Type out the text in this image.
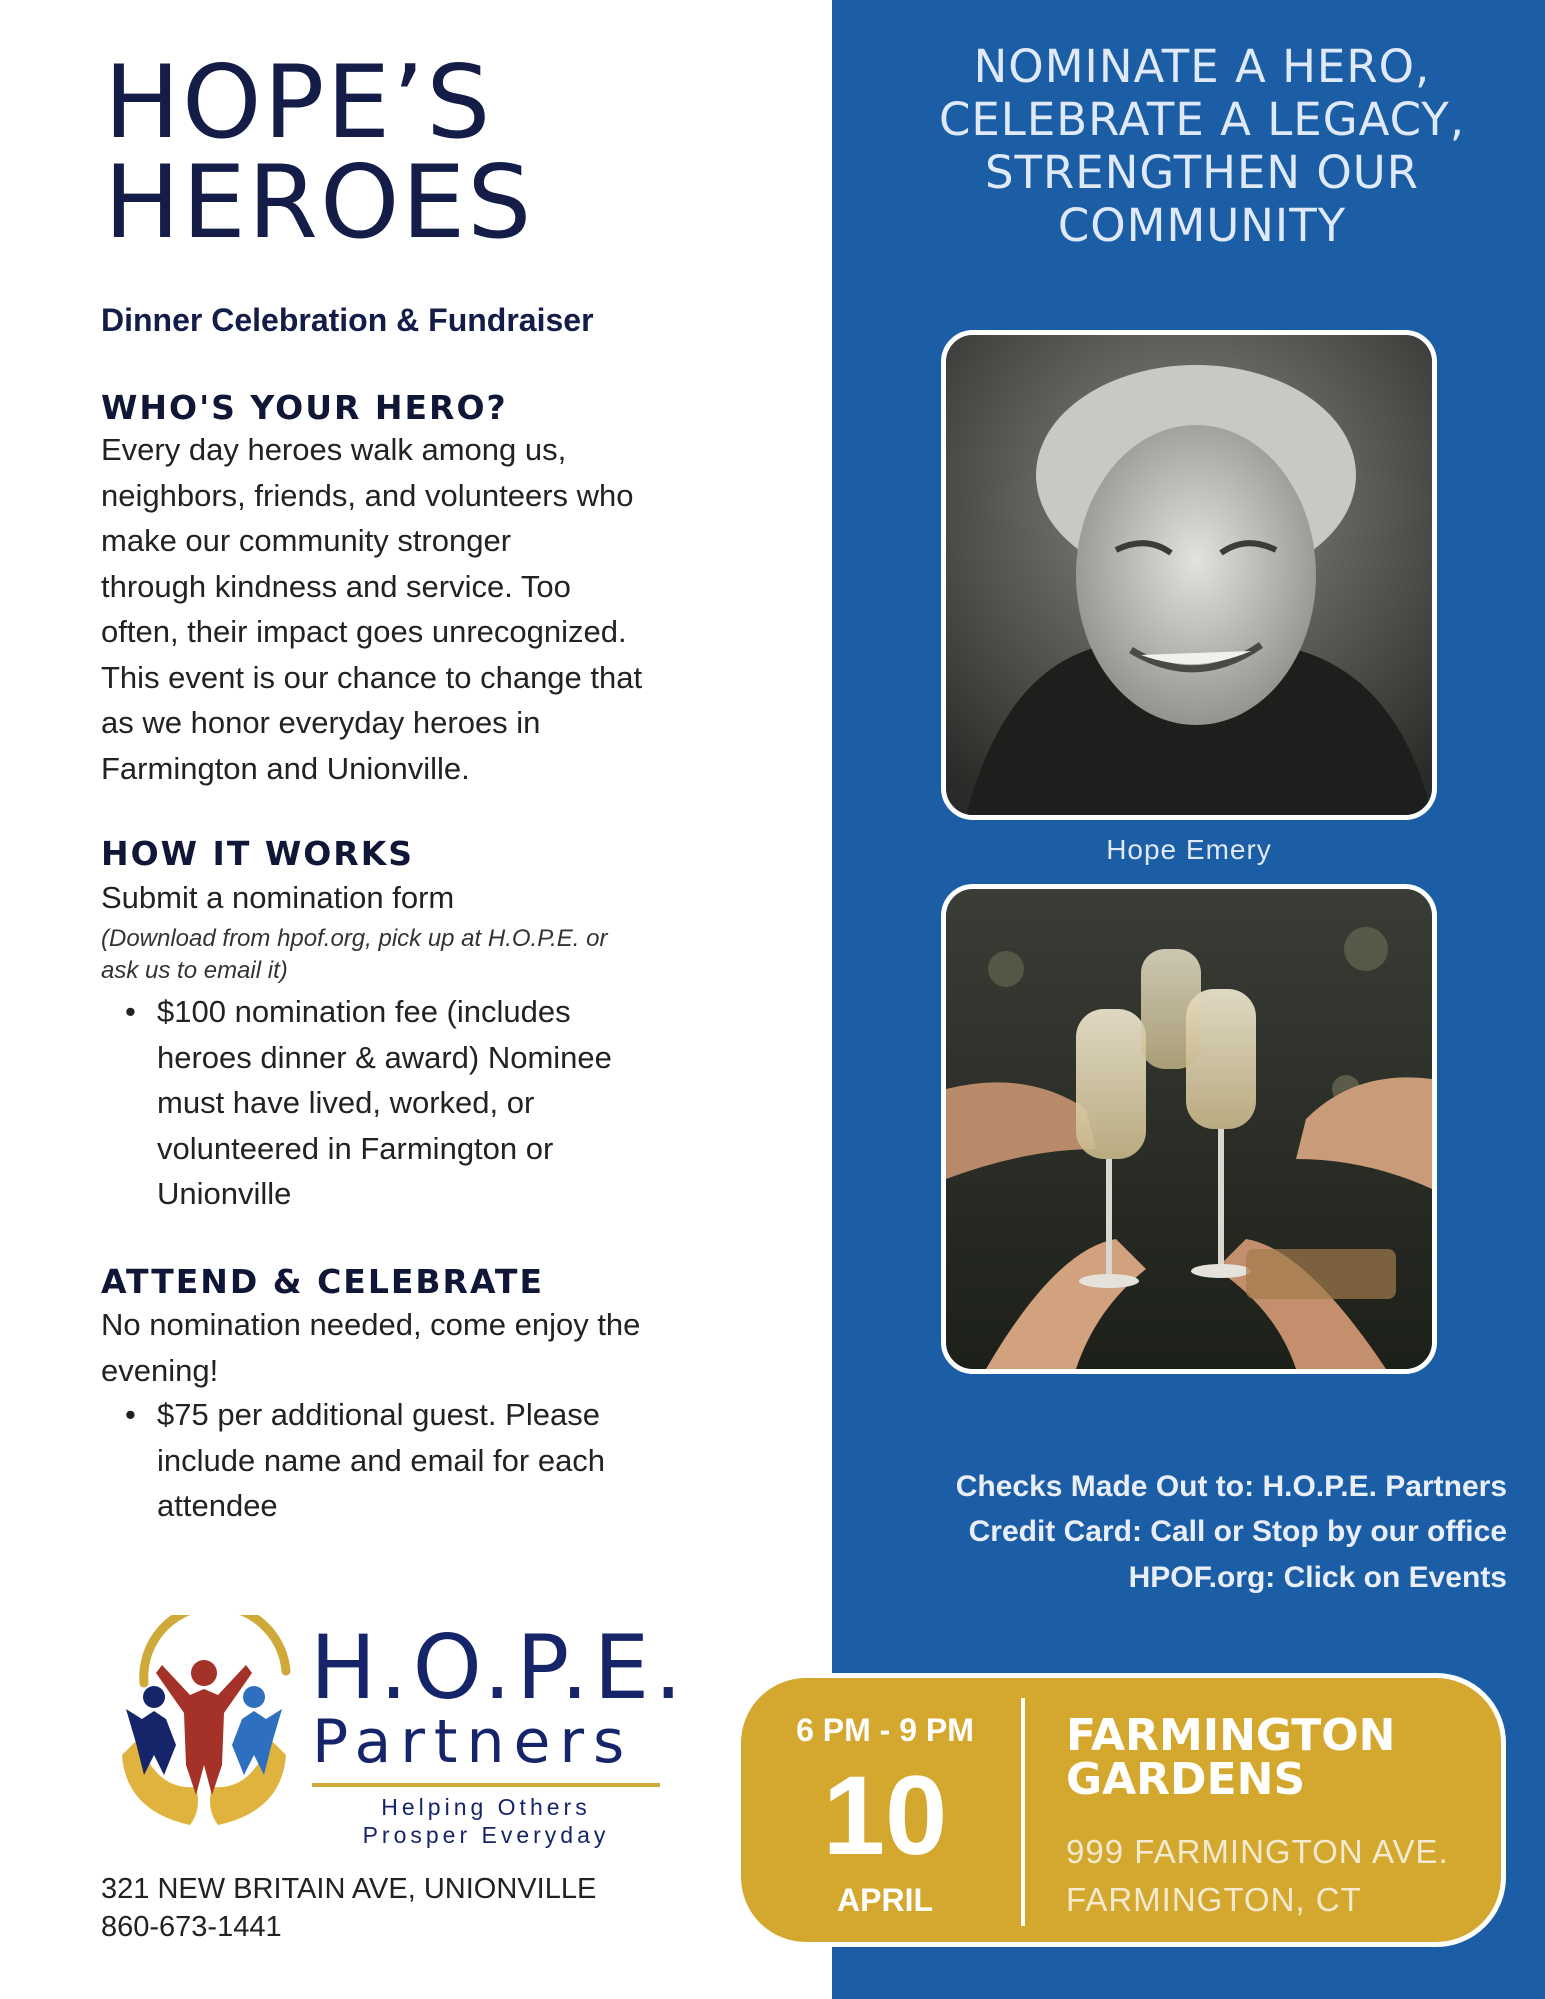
HOPE’S
HEROES

Dinner Celebration & Fundraiser

WHO'S YOUR HERO?

Every day heroes walk among us,
neighbors, friends, and volunteers who
make our community stronger
through kindness and service. Too
often, their impact goes unrecognized.
This event is our chance to change that
as we honor everyday heroes in
Farmington and Unionville.

HOW IT WORKS

Submit a nomination form

(Download from hpof.org, pick up at H.O.P.E. or
ask us to email it)

• $100 nomination fee (includes
heroes dinner & award) Nominee
must have lived, worked, or
volunteered in Farmington or
Unionville

ATTEND & CELEBRATE

No nomination needed, come enjoy the
evening!

• $75 per additional guest. Please
include name and email for each
attendee

H.O.P.E.

Partners

Helping Others
Prosper Everyday

321 NEW BRITAIN AVE, UNIONVILLE
860-673-1441

NOMINATE A HERO,
CELEBRATE A LEGACY,
STRENGTHEN OUR
COMMUNITY

Hope Emery

Checks Made Out to: H.O.P.E. Partners

Credit Card: Call or Stop by our office

HPOF.org: Click on Events

6 PM - 9 PM

10

APRIL

FARMINGTON
GARDENS

999 FARMINGTON AVE.
FARMINGTON, CT
